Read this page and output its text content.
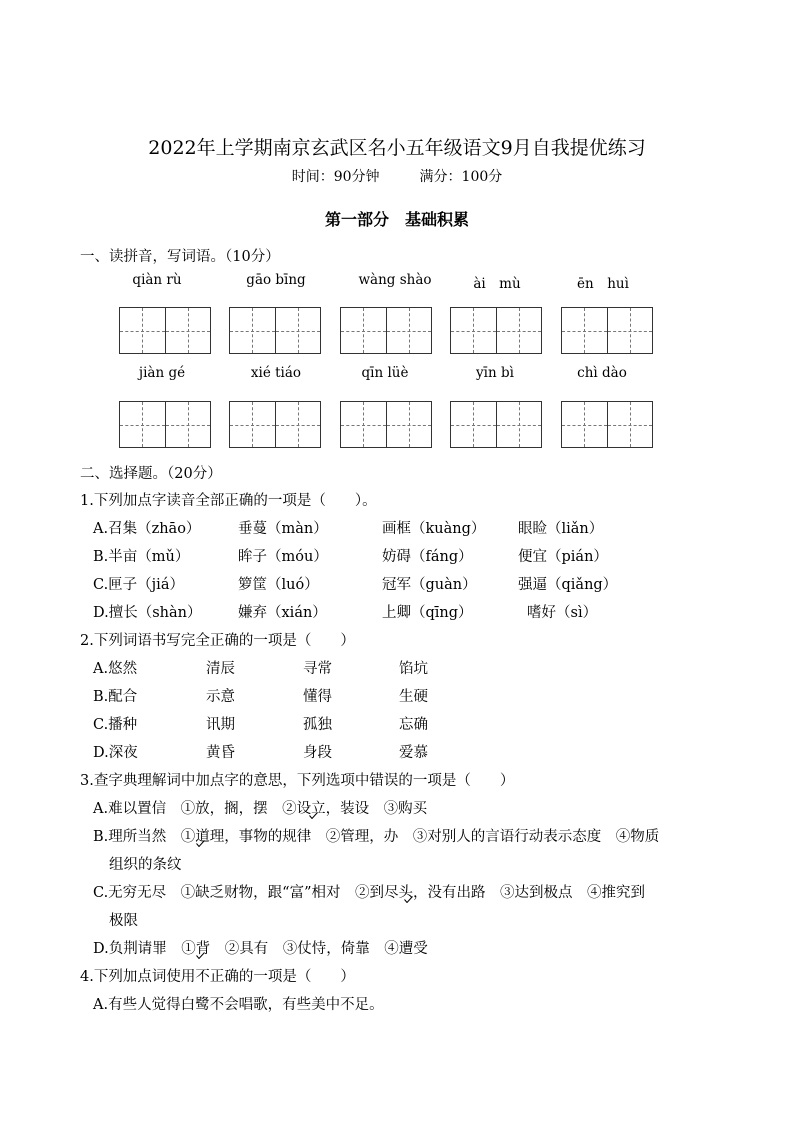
2022年上学期南京玄武区名小五年级语文9月自我提优练习
时间：90分钟	满分：100分
第一部分　基础积累
一、读拼音，写词语。（10分）
qiàn rù	gāo bīng	wàng shào	ài　mù	ēn　huì
jiàn gé	xié tiáo	qīn lüè	yīn bì	chì dào
二、选择题。（20分）
1.下列加点字读音全部正确的一项是（　　）。
A.召集（zhāo）	垂蔓（màn）	画框（kuàng） 眼睑（liǎn）
B.半亩（mǔ）	眸子（móu）	妨碍（fáng）	便宜（pián）
C.匣子（jiá）	箩筐（luó）	冠军（guàn）	强逼（qiǎng）
D.擅长（shàn）	嫌弃（xián）	上卿（qīng）	嗜好（sì）
2.下列词语书写完全正确的一项是（　　）
A.悠然	清辰	寻常	馅坑
B.配合	示意	懂得	生硬
C.播种	讯期	孤独	忘确
D.深夜	黄昏	身段	爱慕
3.查字典理解词中加点字的意思，下列选项中错误的一项是（　　）
A.难以置信　①放，搁，摆　②设立，装设　③购买
B.理所当然　①道理，事物的规律　②管理，办　③对别人的言语行动表示态度　④物质
组织的条纹
C.无穷无尽　①缺乏财物，跟“富”相对　②到尽头，没有出路　③达到极点　④推究到
极限
D.负荆请罪　①背　②具有　③仗恃，倚靠　④遭受
4.下列加点词使用不正确的一项是（　　）
A.有些人觉得白鹭不会唱歌，有些美中不足。
